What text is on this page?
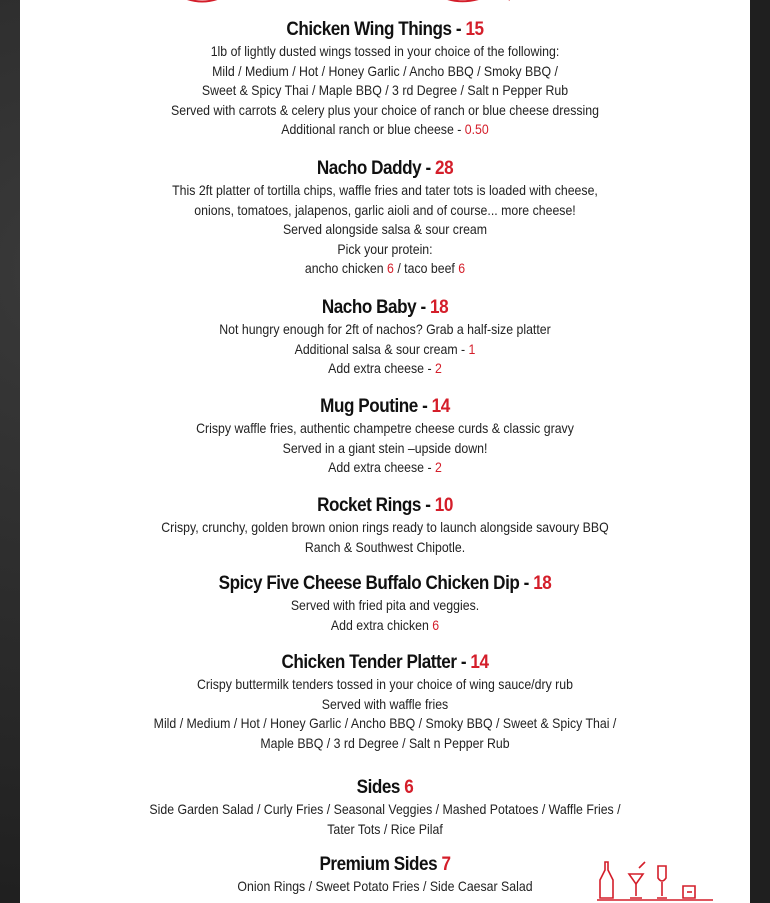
Chicken Wing Things - 15
1lb of lightly dusted wings tossed in your choice of the following:
Mild / Medium / Hot / Honey Garlic / Ancho BBQ / Smoky BBQ /
Sweet & Spicy Thai / Maple BBQ / 3 rd Degree / Salt n Pepper Rub
Served with carrots & celery plus your choice of ranch or blue cheese dressing
Additional ranch or blue cheese - 0.50
Nacho Daddy - 28
This 2ft platter of tortilla chips, waffle fries and tater tots is loaded with cheese,
onions, tomatoes, jalapenos, garlic aioli and of course... more cheese!
Served alongside salsa & sour cream
Pick your protein:
ancho chicken 6 / taco beef 6
Nacho Baby - 18
Not hungry enough for 2ft of nachos? Grab a half-size platter
Additional salsa & sour cream - 1
Add extra cheese - 2
Mug Poutine - 14
Crispy waffle fries, authentic champetre cheese curds & classic gravy
Served in a giant stein –upside down!
Add extra cheese - 2
Rocket Rings - 10
Crispy, crunchy, golden brown onion rings ready to launch alongside savoury BBQ
Ranch & Southwest Chipotle.
Spicy Five Cheese Buffalo Chicken Dip - 18
Served with fried pita and veggies.
Add extra chicken 6
Chicken Tender Platter - 14
Crispy buttermilk tenders tossed in your choice of wing sauce/dry rub
Served with waffle fries
Mild / Medium / Hot / Honey Garlic / Ancho BBQ / Smoky BBQ / Sweet & Spicy Thai /
Maple BBQ / 3 rd Degree / Salt n Pepper Rub
Sides 6
Side Garden Salad / Curly Fries / Seasonal Veggies / Mashed Potatoes / Waffle Fries /
Tater Tots / Rice Pilaf
Premium Sides 7
Onion Rings / Sweet Potato Fries / Side Caesar Salad
